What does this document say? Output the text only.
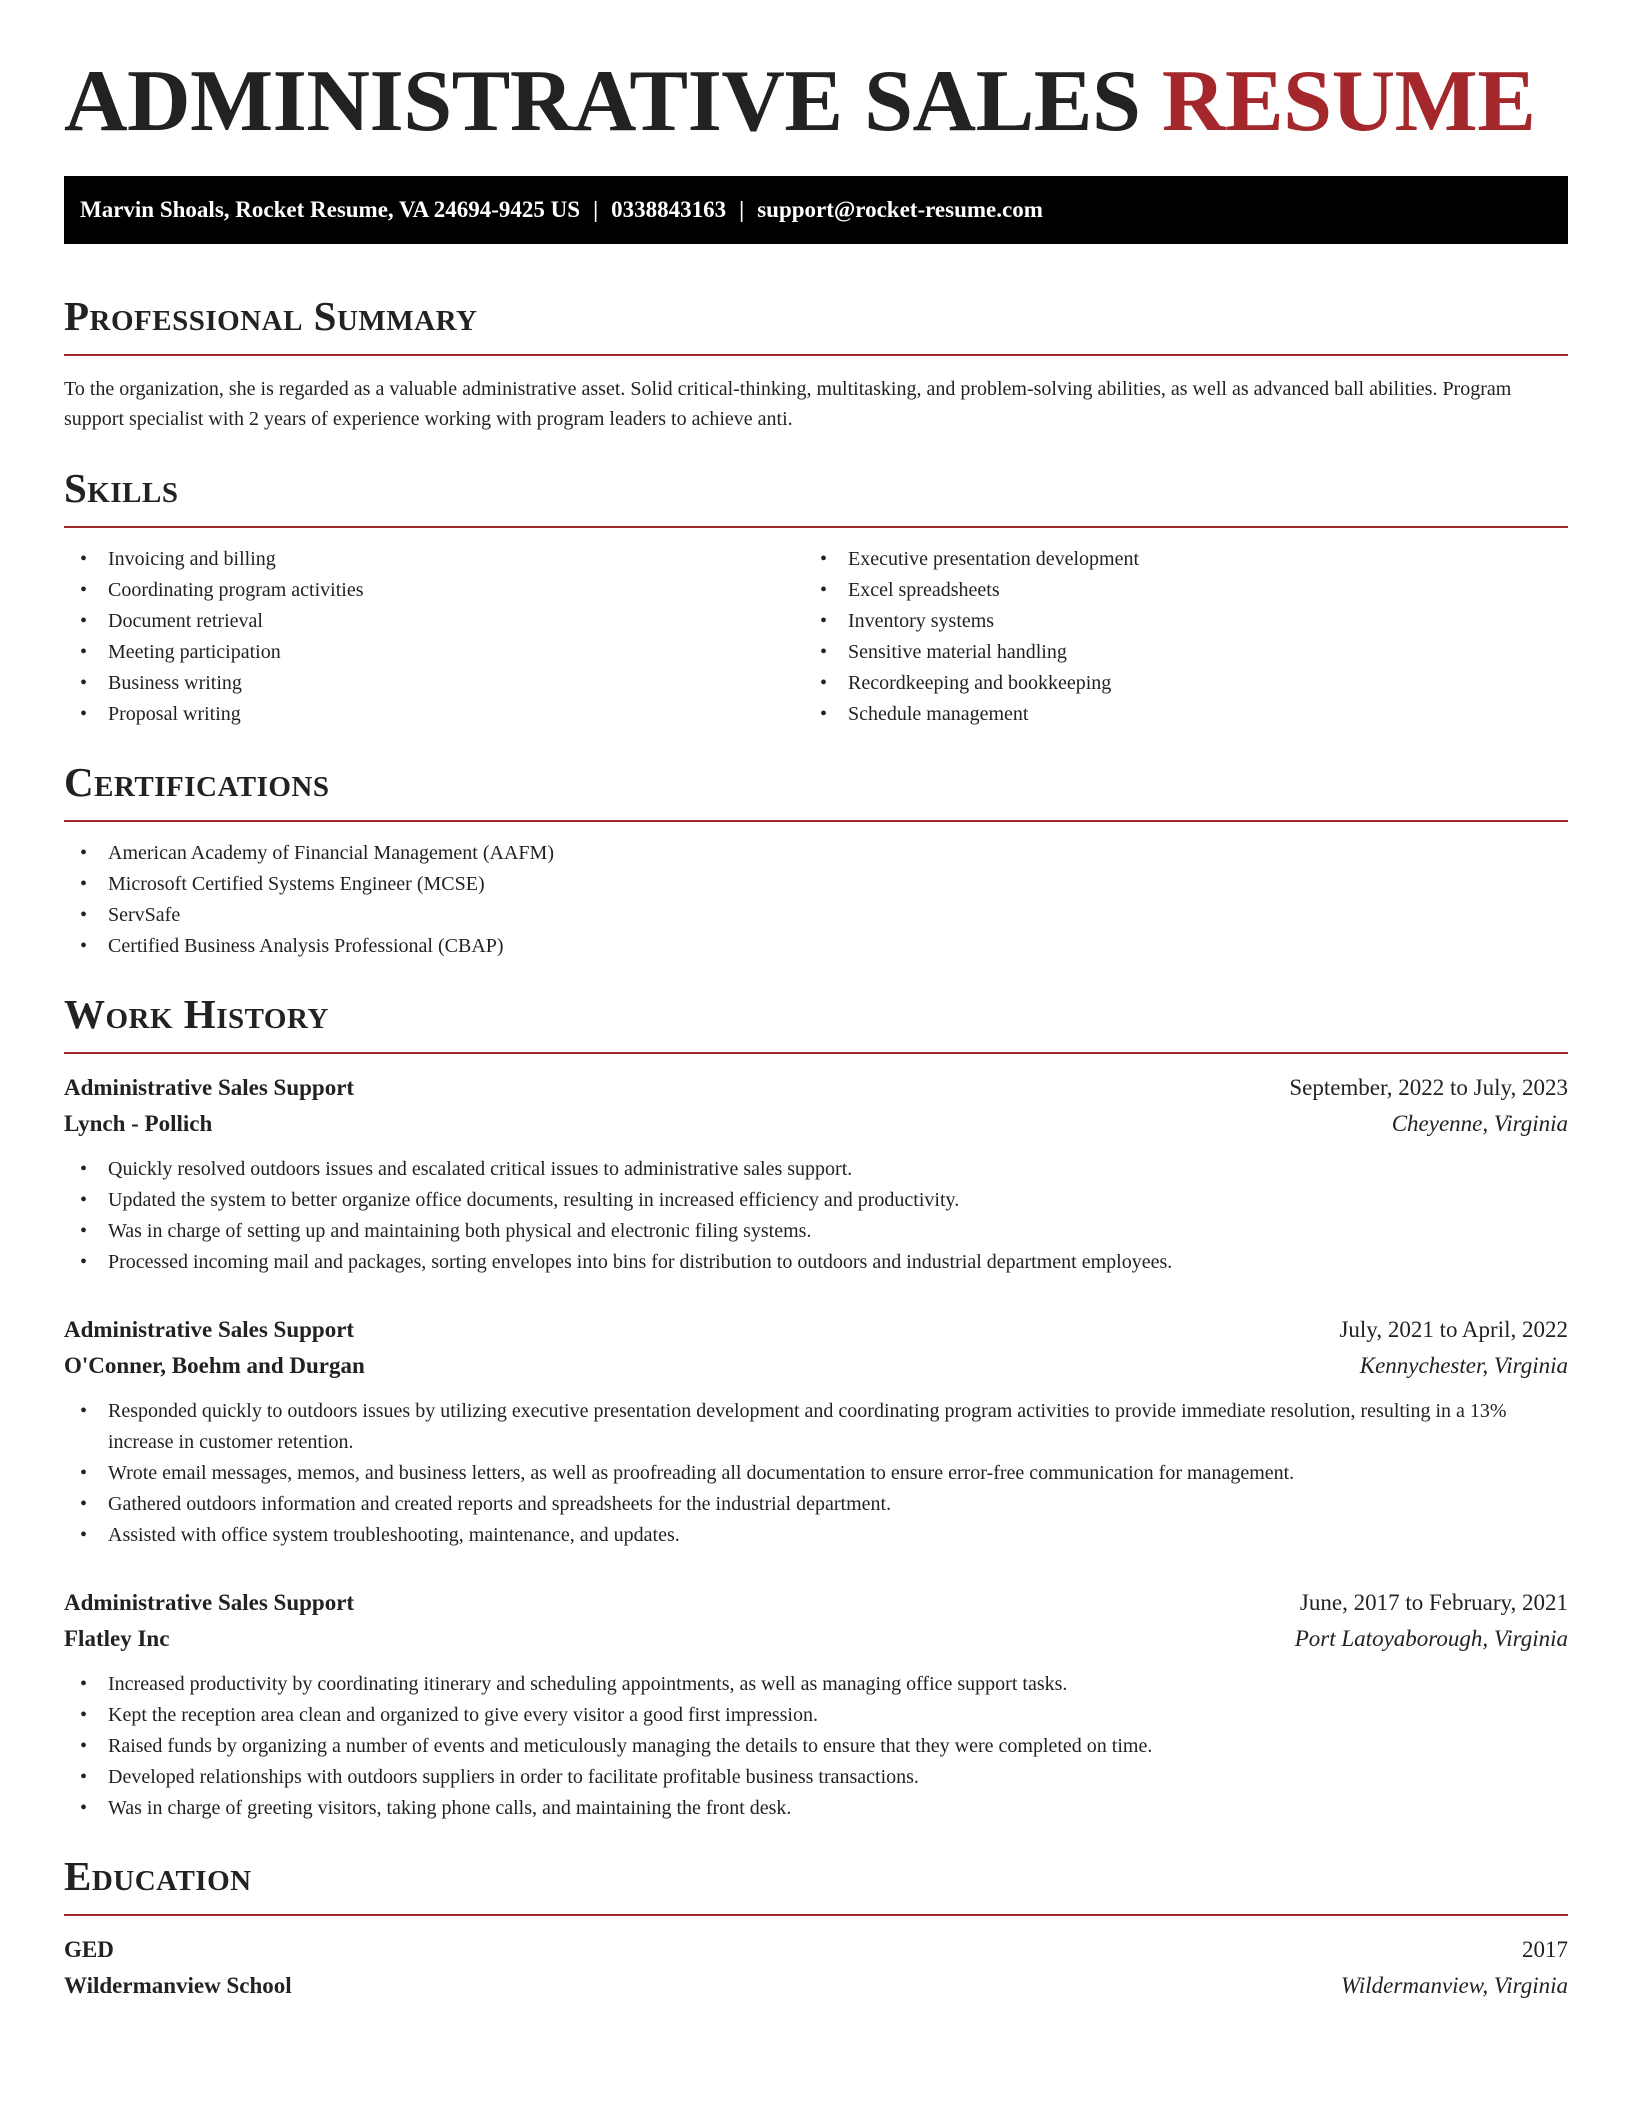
ADMINISTRATIVE SALES RESUME
Marvin Shoals, Rocket Resume, VA 24694-9425 US | 0338843163 | support@rocket-resume.com
Professional Summary

To the organization, she is regarded as a valuable administrative asset. Solid critical-thinking, multitasking, and problem-solving abilities, as well as advanced ball abilities. Program support specialist with 2 years of experience working with program leaders to achieve anti.

Skills
• Invoicing and billing
• Coordinating program activities
• Document retrieval
• Meeting participation
• Business writing
• Proposal writing
• Executive presentation development
• Excel spreadsheets
• Inventory systems
• Sensitive material handling
• Recordkeeping and bookkeeping
• Schedule management
Certifications
• American Academy of Financial Management (AAFM)
• Microsoft Certified Systems Engineer (MCSE)
• ServSafe
• Certified Business Analysis Professional (CBAP)
Work History
Administrative Sales Support	September, 2022 to July, 2023
Lynch - Pollich	Cheyenne, Virginia
• Quickly resolved outdoors issues and escalated critical issues to administrative sales support.
• Updated the system to better organize office documents, resulting in increased efficiency and productivity.
• Was in charge of setting up and maintaining both physical and electronic filing systems.
• Processed incoming mail and packages, sorting envelopes into bins for distribution to outdoors and industrial department employees.
Administrative Sales Support	July, 2021 to April, 2022
O'Conner, Boehm and Durgan	Kennychester, Virginia
• Responded quickly to outdoors issues by utilizing executive presentation development and coordinating program activities to provide immediate resolution, resulting in a 13% increase in customer retention.
• Wrote email messages, memos, and business letters, as well as proofreading all documentation to ensure error-free communication for management.
• Gathered outdoors information and created reports and spreadsheets for the industrial department.
• Assisted with office system troubleshooting, maintenance, and updates.
Administrative Sales Support	June, 2017 to February, 2021
Flatley Inc	Port Latoyaborough, Virginia
• Increased productivity by coordinating itinerary and scheduling appointments, as well as managing office support tasks.
• Kept the reception area clean and organized to give every visitor a good first impression.
• Raised funds by organizing a number of events and meticulously managing the details to ensure that they were completed on time.
• Developed relationships with outdoors suppliers in order to facilitate profitable business transactions.
• Was in charge of greeting visitors, taking phone calls, and maintaining the front desk.
Education
GED	2017
Wildermanview School	Wildermanview, Virginia
